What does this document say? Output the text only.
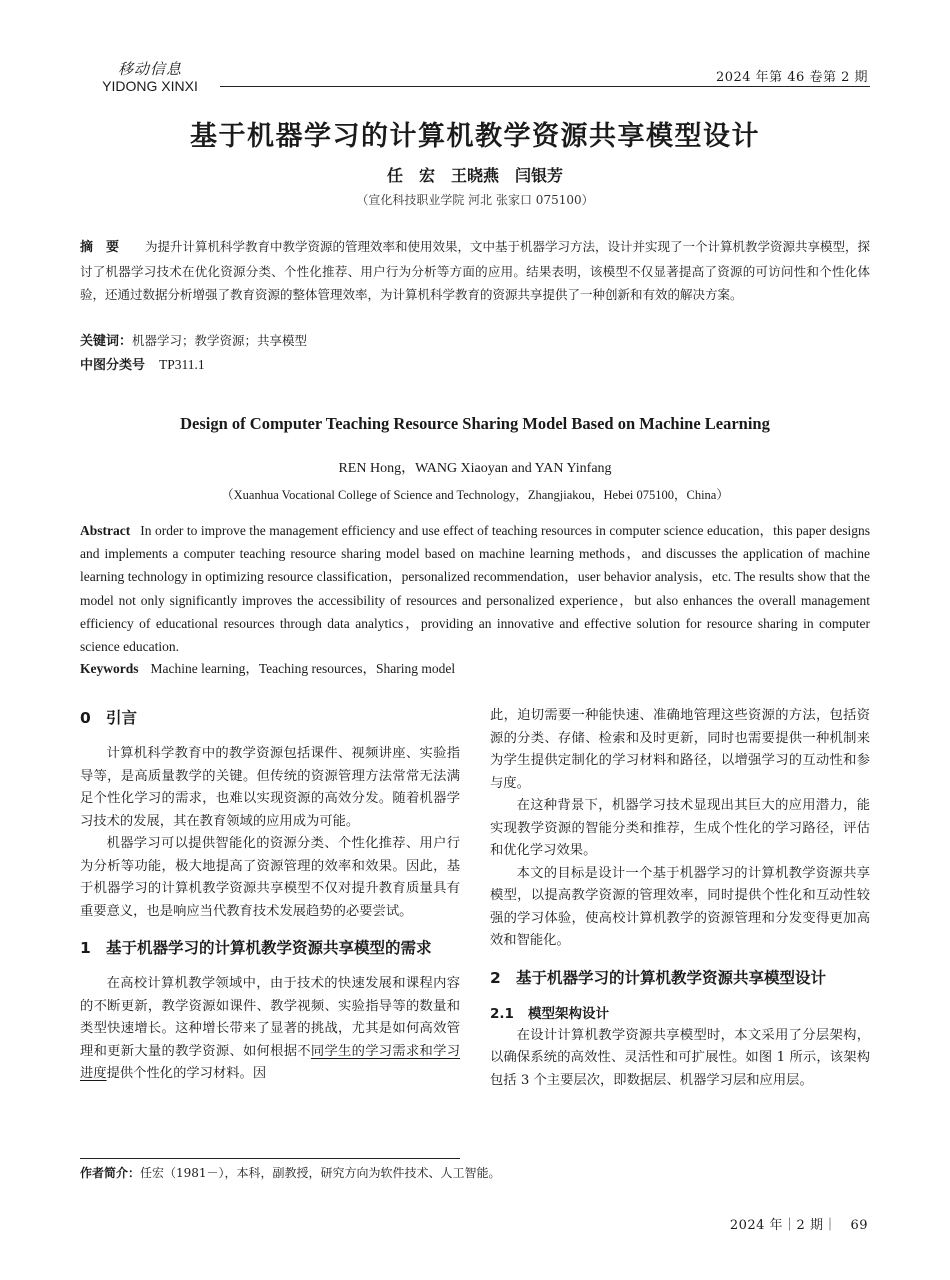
移动信息
YIDONG XINXI
2024 年第 46 卷第 2 期
基于机器学习的计算机教学资源共享模型设计
任　宏　王晓燕　闫银芳
（宣化科技职业学院 河北 张家口 075100）
摘　要 为提升计算机科学教育中教学资源的管理效率和使用效果，文中基于机器学习方法，设计并实现了一个计算机教学资源共享模型，探讨了机器学习技术在优化资源分类、个性化推荐、用户行为分析等方面的应用。结果表明，该模型不仅显著提高了资源的可访问性和个性化体验，还通过数据分析增强了教育资源的整体管理效率，为计算机科学教育的资源共享提供了一种创新和有效的解决方案。
关键词：机器学习；教学资源；共享模型
中图分类号 TP311.1
Design of Computer Teaching Resource Sharing Model Based on Machine Learning
REN Hong，WANG Xiaoyan and YAN Yinfang
（Xuanhua Vocational College of Science and Technology，Zhangjiakou，Hebei 075100，China）
Abstract In order to improve the management efficiency and use effect of teaching resources in computer science education，this paper designs and implements a computer teaching resource sharing model based on machine learning methods，and discusses the application of machine learning technology in optimizing resource classification，personalized recommendation，user behavior analysis，etc. The results show that the model not only significantly improves the accessibility of resources and personalized experience，but also enhances the overall management efficiency of educational resources through data analytics，providing an innovative and effective solution for resource sharing in computer science education.
Keywords Machine learning，Teaching resources，Sharing model
0 引言

计算机科学教育中的教学资源包括课件、视频讲座、实验指导等，是高质量教学的关键。但传统的资源管理方法常常无法满足个性化学习的需求，也难以实现资源的高效分发。随着机器学习技术的发展，其在教育领域的应用成为可能。

机器学习可以提供智能化的资源分类、个性化推荐、用户行为分析等功能，极大地提高了资源管理的效率和效果。因此，基于机器学习的计算机教学资源共享模型不仅对提升教育质量具有重要意义，也是响应当代教育技术发展趋势的必要尝试。

1 基于机器学习的计算机教学资源共享模型的需求

在高校计算机教学领域中，由于技术的快速发展和课程内容的不断更新，教学资源如课件、教学视频、实验指导等的数量和类型快速增长。这种增长带来了显著的挑战，尤其是如何高效管理和更新大量的教学资源、如何根据不同学生的学习需求和学习进度提供个性化的学习材料。因

此，迫切需要一种能快速、准确地管理这些资源的方法，包括资源的分类、存储、检索和及时更新，同时也需要提供一种机制来为学生提供定制化的学习材料和路径，以增强学习的互动性和参与度。

在这种背景下，机器学习技术显现出其巨大的应用潜力，能实现教学资源的智能分类和推荐，生成个性化的学习路径，评估和优化学习效果。

本文的目标是设计一个基于机器学习的计算机教学资源共享模型，以提高教学资源的管理效率，同时提供个性化和互动性较强的学习体验，使高校计算机教学的资源管理和分发变得更加高效和智能化。

2 基于机器学习的计算机教学资源共享模型设计
2.1	模型架构设计

在设计计算机教学资源共享模型时，本文采用了分层架构，以确保系统的高效性、灵活性和可扩展性。如图 1 所示，该架构包括 3 个主要层次，即数据层、机器学习层和应用层。

作者简介：任宏（1981－），本科，副教授，研究方向为软件技术、人工智能。
2024 年｜2 期｜　69
